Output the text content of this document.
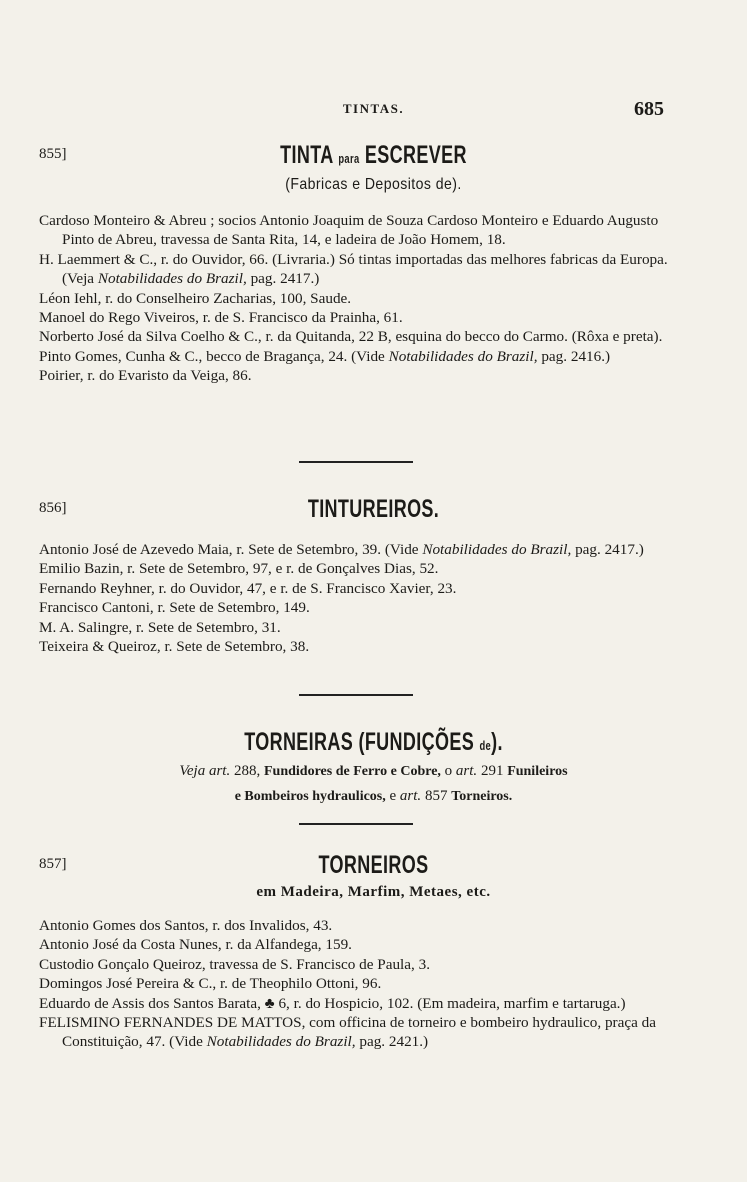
TINTAS.	685
855]	TINTA para ESCREVER
(Fabricas e Depositos de).

Cardoso Monteiro & Abreu ; socios Antonio Joaquim de Souza Cardoso Monteiro e Eduardo Augusto Pinto de Abreu, travessa de Santa Rita, 14, e ladeira de João Homem, 18.

H. Laemmert & C., r. do Ouvidor, 66. (Livraria.) Só tintas importadas das melhores fabricas da Europa. (Veja Notabilidades do Brazil, pag. 2417.)

Léon Iehl, r. do Conselheiro Zacharias, 100, Saude.

Manoel do Rego Viveiros, r. de S. Francisco da Prainha, 61.

Norberto José da Silva Coelho & C., r. da Quitanda, 22 B, esquina do becco do Carmo. (Rôxa e preta).

Pinto Gomes, Cunha & C., becco de Bragança, 24. (Vide Notabilidades do Brazil, pag. 2416.)

Poirier, r. do Evaristo da Veiga, 86.

856]	TINTUREIROS.

Antonio José de Azevedo Maia, r. Sete de Setembro, 39. (Vide Notabilidades do Brazil, pag. 2417.)

Emilio Bazin, r. Sete de Setembro, 97, e r. de Gonçalves Dias, 52.

Fernando Reyhner, r. do Ouvidor, 47, e r. de S. Francisco Xavier, 23.

Francisco Cantoni, r. Sete de Setembro, 149.

M. A. Salingre, r. Sete de Setembro, 31.

Teixeira & Queiroz, r. Sete de Setembro, 38.

TORNEIRAS (FUNDIÇÕES de).
Veja art. 288, Fundidores de Ferro e Cobre, o art. 291 Funileiros
e Bombeiros hydraulicos, e art. 857 Torneiros.
857]	TORNEIROS
em Madeira, Marfim, Metaes, etc.

Antonio Gomes dos Santos, r. dos Invalidos, 43.

Antonio José da Costa Nunes, r. da Alfandega, 159.

Custodio Gonçalo Queiroz, travessa de S. Francisco de Paula, 3.

Domingos José Pereira & C., r. de Theophilo Ottoni, 96.

Eduardo de Assis dos Santos Barata, ♣ 6, r. do Hospicio, 102. (Em madeira, marfim e tartaruga.)

FELISMINO FERNANDES DE MATTOS, com officina de torneiro e bombeiro hydraulico, praça da Constituição, 47. (Vide Notabilidades do Brazil, pag. 2421.)
